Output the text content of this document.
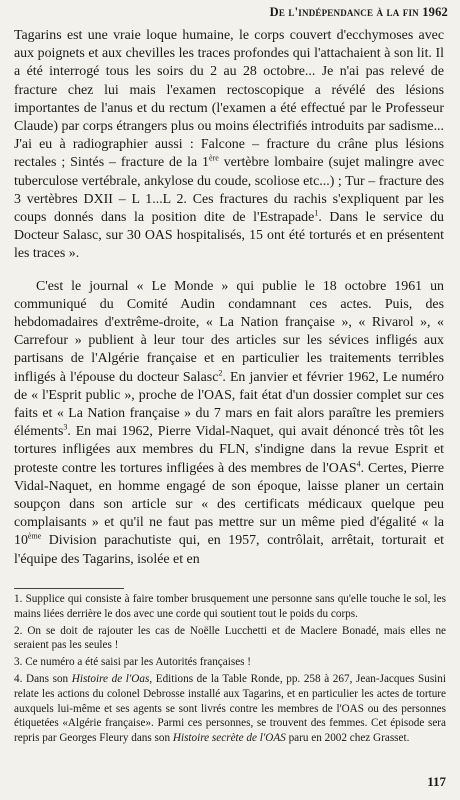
De l'indépendance à la fin 1962

Tagarins est une vraie loque humaine, le corps couvert d'ecchymoses avec aux poignets et aux chevilles les traces profondes qui l'attachaient à son lit. Il a été interrogé tous les soirs du 2 au 28 octobre... Je n'ai pas relevé de fracture chez lui mais l'examen rectoscopique a révélé des lésions importantes de l'anus et du rectum (l'examen a été effectué par le Professeur Claude) par corps étrangers plus ou moins électrifiés introduits par sadisme... J'ai eu à radiographier aussi : Falcone – fracture du crâne plus lésions rectales ; Sintés – fracture de la 1ère vertèbre lombaire (sujet malingre avec tuberculose vertébrale, ankylose du coude, scoliose etc...) ; Tur – fracture des 3 vertèbres DXII – L 1...L 2. Ces fractures du rachis s'expliquent par les coups donnés dans la position dite de l'Estrapade$^1$. Dans le service du Docteur Salasc, sur 30 OAS hospitalisés, 15 ont été torturés et en présentent les traces ».

C'est le journal « Le Monde » qui publie le 18 octobre 1961 un communiqué du Comité Audin condamnant ces actes. Puis, des hebdomadaires d'extrême-droite, « La Nation française », « Rivarol », « Carrefour » publient à leur tour des articles sur les sévices infligés aux partisans de l'Algérie française et en particulier les traitements terribles infligés à l'épouse du docteur Salasc$^2$. En janvier et février 1962, Le numéro de « l'Esprit public », proche de l'OAS, fait état d'un dossier complet sur ces faits et « La Nation française » du 7 mars en fait alors paraître les premiers éléments$^3$. En mai 1962, Pierre Vidal-Naquet, qui avait dénoncé très tôt les tortures infligées aux membres du FLN, s'indigne dans la revue Esprit et proteste contre les tortures infligées à des membres de l'OAS$^4$. Certes, Pierre Vidal-Naquet, en homme engagé de son époque, laisse planer un certain soupçon dans son article sur « des certificats médicaux quelque peu complaisants » et qu'il ne faut pas mettre sur un même pied d'égalité « la 10ème Division parachutiste qui, en 1957, contrôlait, arrêtait, torturait et l'équipe des Tagarins, isolée et en

1. Supplice qui consiste à faire tomber brusquement une personne sans qu'elle touche le sol, les mains liées derrière le dos avec une corde qui soutient tout le poids du corps.

2. On se doit de rajouter les cas de Noëlle Lucchetti et de Maclere Bonadé, mais elles ne seraient pas les seules !

3. Ce numéro a été saisi par les Autorités françaises !

4. Dans son Histoire de l'Oas, Editions de la Table Ronde, pp. 258 à 267, Jean-Jacques Susini relate les actions du colonel Debrosse installé aux Tagarins, et en particulier les actes de torture auxquels lui-même et ses agents se sont livrés contre les membres de l'OAS ou des personnes étiquetées «Algérie française». Parmi ces personnes, se trouvent des femmes. Cet épisode sera repris par Georges Fleury dans son Histoire secrète de l'OAS paru en 2002 chez Grasset.

117
